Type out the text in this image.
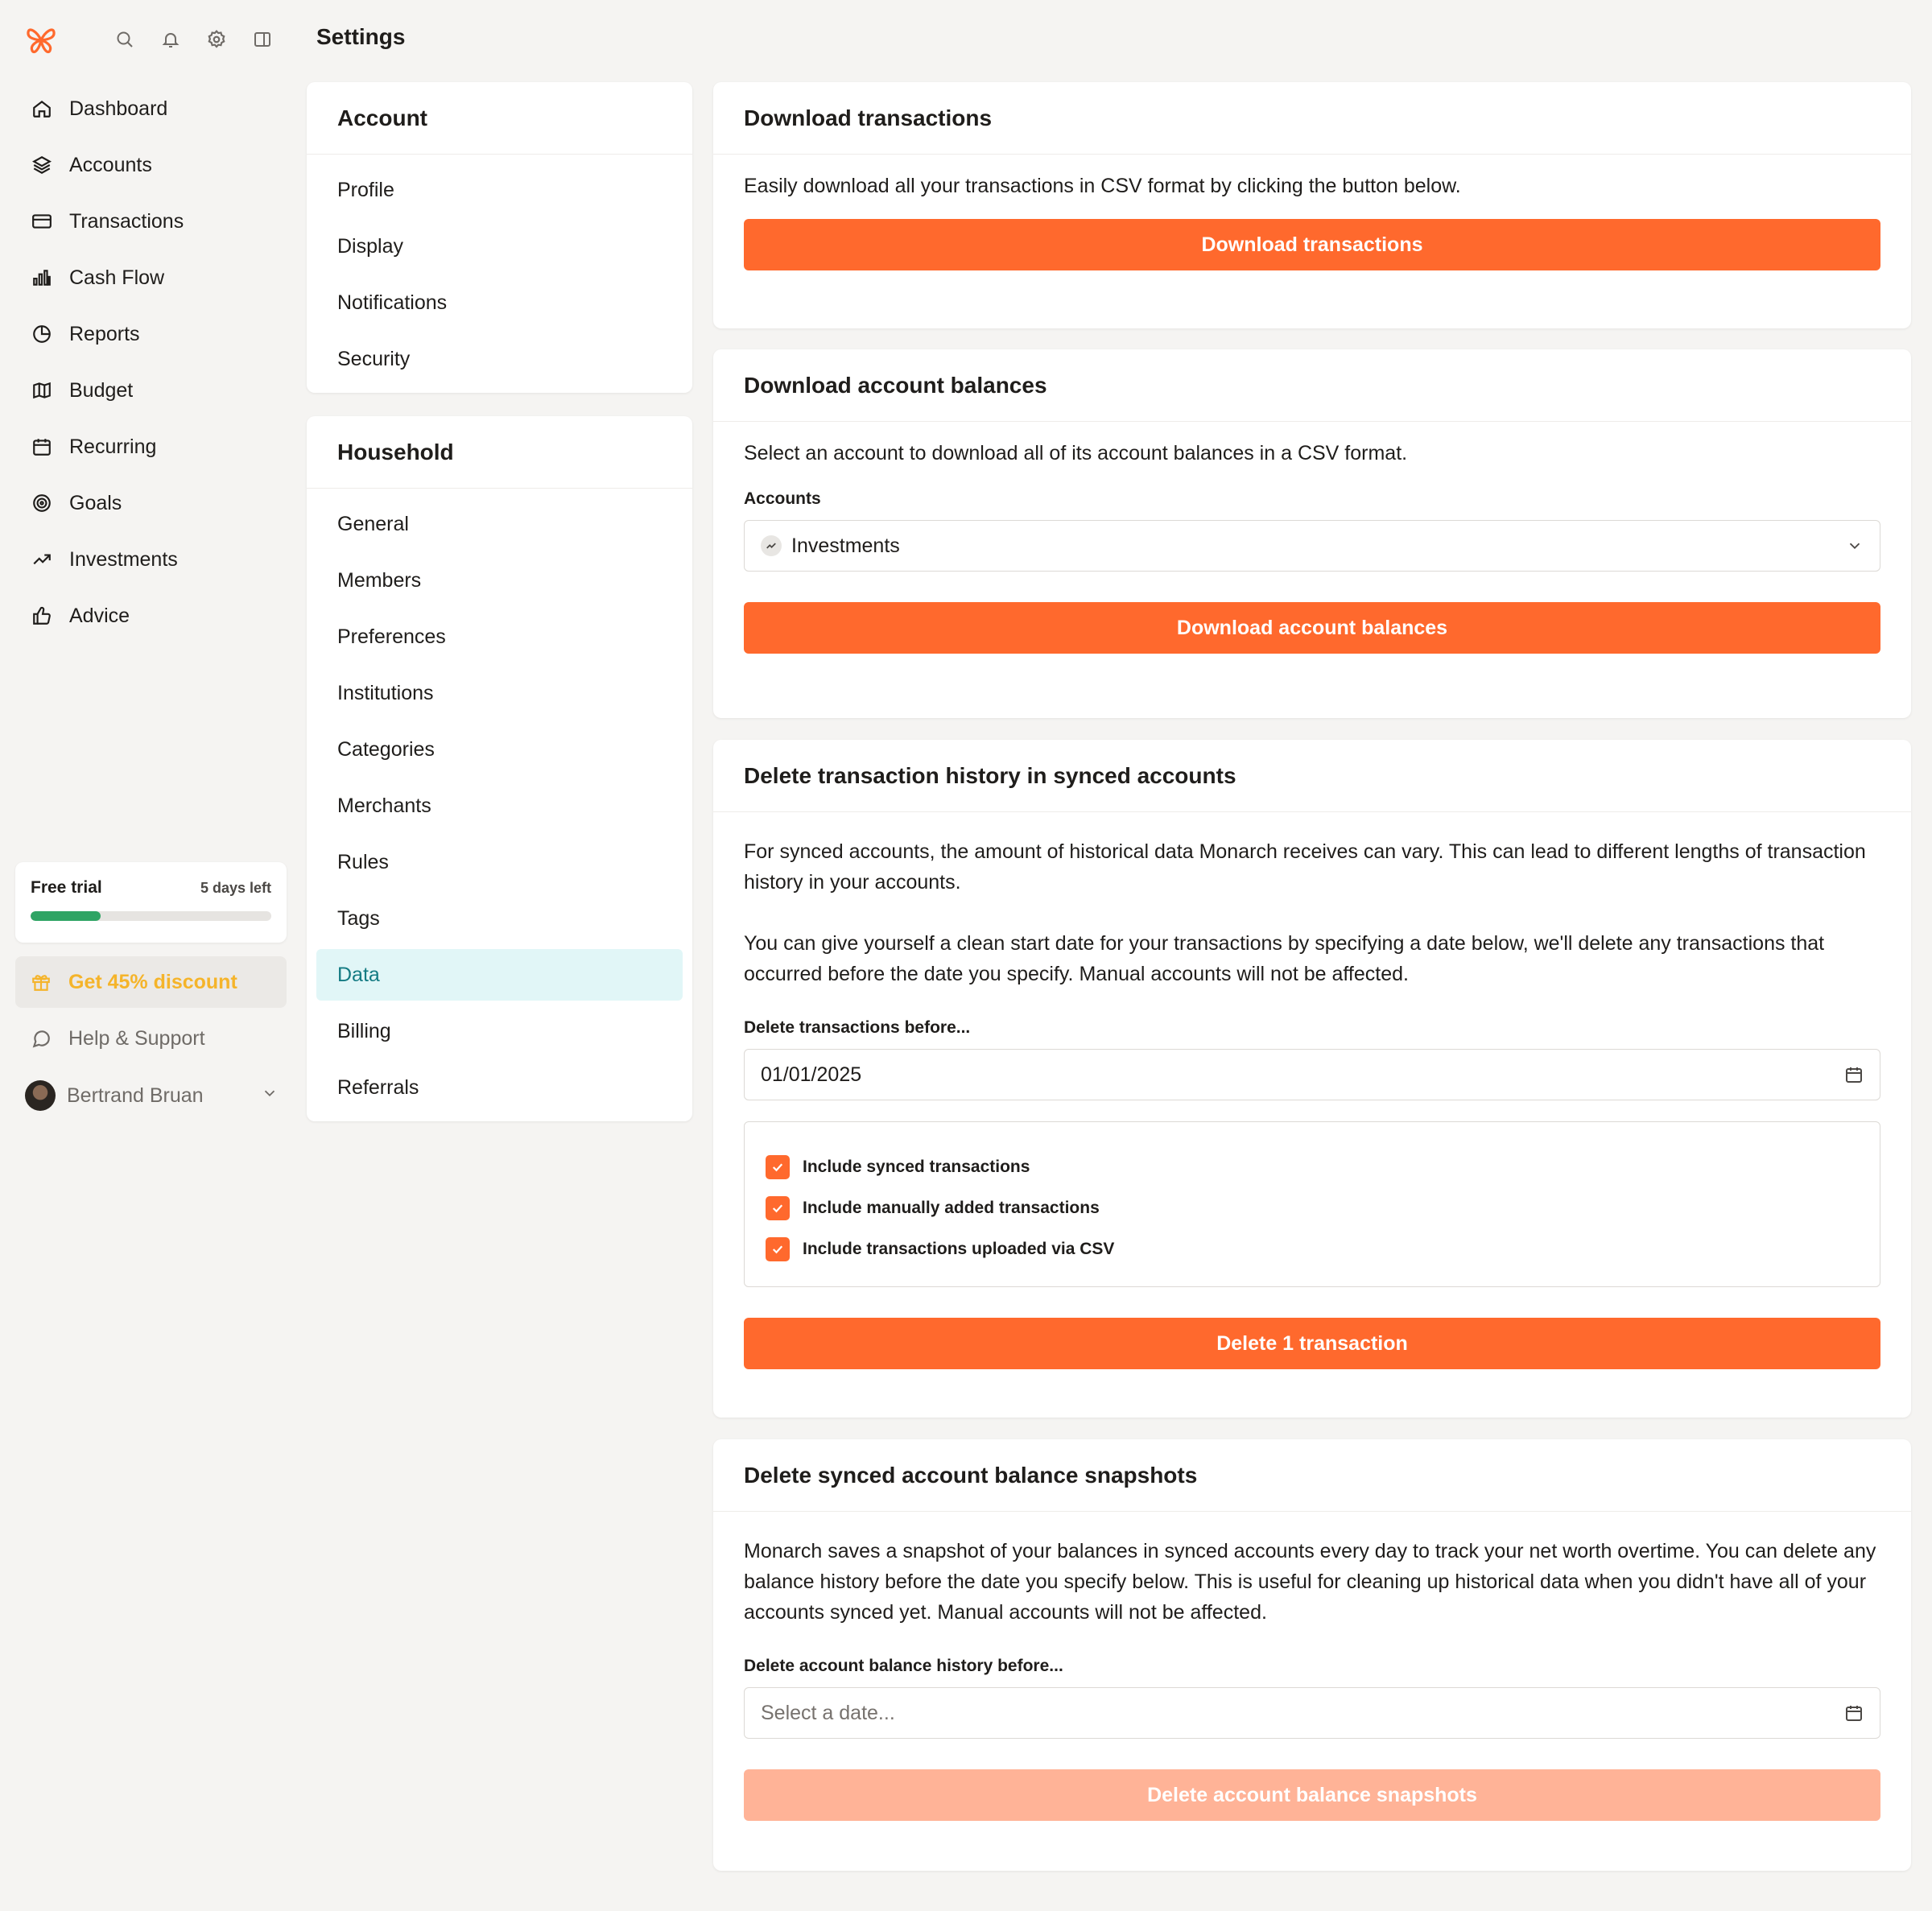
Settings
Dashboard
Accounts
Transactions
Cash Flow
Reports
Budget
Recurring
Goals
Investments
Advice
Free trial	5 days left
Get 45% discount
Help & Support
Bertrand Bruan
Account
Profile
Display
Notifications
Security
Household
General
Members
Preferences
Institutions
Categories
Merchants
Rules
Tags
Data
Billing
Referrals
Download transactions

Easily download all your transactions in CSV format by clicking the button below.

Download transactions
Download account balances

Select an account to download all of its account balances in a CSV format.

Accounts
Investments
Download account balances
Delete transaction history in synced accounts

For synced accounts, the amount of historical data Monarch receives can vary. This can lead to different lengths of transaction history in your accounts.

You can give yourself a clean start date for your transactions by specifying a date below, we'll delete any transactions that occurred before the date you specify. Manual accounts will not be affected.

Delete transactions before...
01/01/2025
Include synced transactions
Include manually added transactions
Include transactions uploaded via CSV
Delete 1 transaction
Delete synced account balance snapshots

Monarch saves a snapshot of your balances in synced accounts every day to track your net worth overtime. You can delete any balance history before the date you specify below. This is useful for cleaning up historical data when you didn't have all of your accounts synced yet. Manual accounts will not be affected.

Delete account balance history before...
Select a date...
Delete account balance snapshots
